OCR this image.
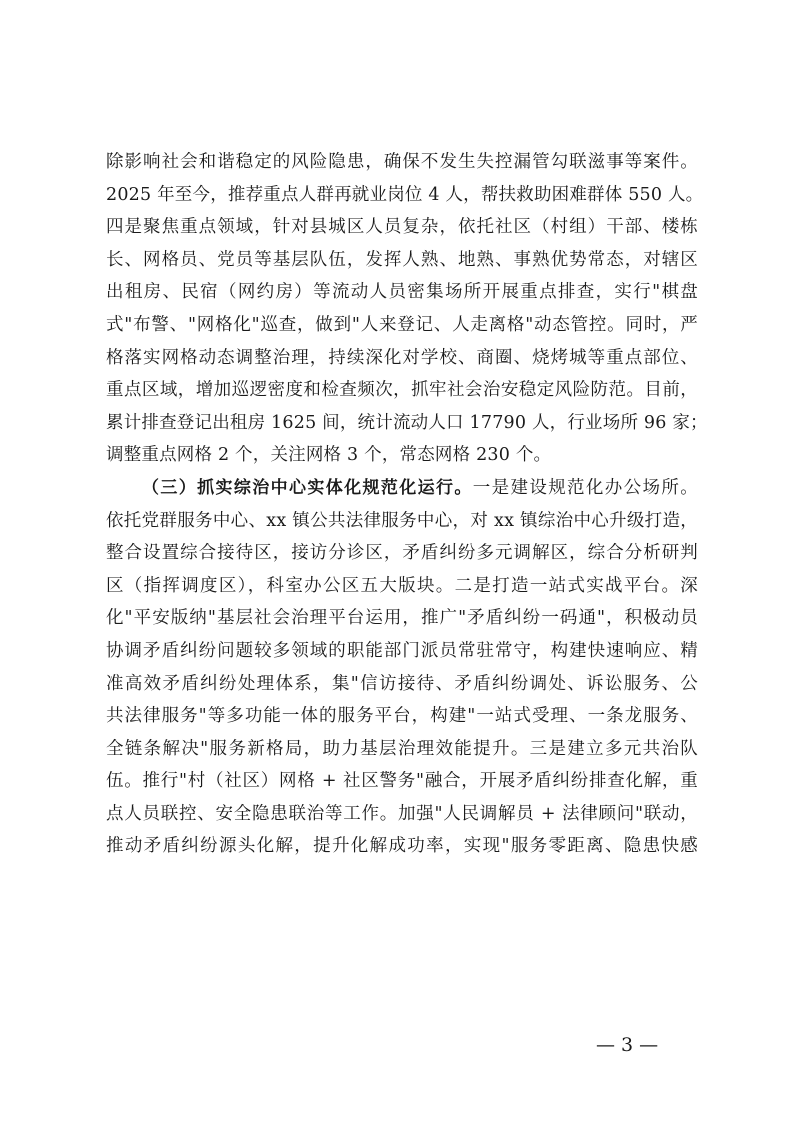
除影响社会和谐稳定的风险隐患，确保不发生失控漏管勾联滋事等案件。
2025 年至今，推荐重点人群再就业岗位 4 人，帮扶救助困难群体 550 人。
四是聚焦重点领域，针对县城区人员复杂，依托社区（村组）干部、楼栋
长、网格员、党员等基层队伍，发挥人熟、地熟、事熟优势常态，对辖区
出租房、民宿（网约房）等流动人员密集场所开展重点排查，实行"棋盘
式"布警、"网格化"巡查，做到"人来登记、人走离格"动态管控。同时，严
格落实网格动态调整治理，持续深化对学校、商圈、烧烤城等重点部位、
重点区域，增加巡逻密度和检查频次，抓牢社会治安稳定风险防范。目前，
累计排查登记出租房 1625 间，统计流动人口 17790 人，行业场所 96 家；
调整重点网格 2 个，关注网格 3 个，常态网格 230 个。
（三）抓实综治中心实体化规范化运行。一是建设规范化办公场所。
依托党群服务中心、xx 镇公共法律服务中心，对 xx 镇综治中心升级打造，
整合设置综合接待区，接访分诊区，矛盾纠纷多元调解区，综合分析研判
区（指挥调度区），科室办公区五大版块。二是打造一站式实战平台。深
化"平安版纳"基层社会治理平台运用，推广"矛盾纠纷一码通"，积极动员
协调矛盾纠纷问题较多领域的职能部门派员常驻常守，构建快速响应、精
准高效矛盾纠纷处理体系，集"信访接待、矛盾纠纷调处、诉讼服务、公
共法律服务"等多功能一体的服务平台，构建"一站式受理、一条龙服务、
全链条解决"服务新格局，助力基层治理效能提升。三是建立多元共治队
伍。推行"村（社区）网格 + 社区警务"融合，开展矛盾纠纷排查化解，重
点人员联控、安全隐患联治等工作。加强"人民调解员 + 法律顾问"联动，
推动矛盾纠纷源头化解，提升化解成功率，实现"服务零距离、隐患快感
— 3 —
